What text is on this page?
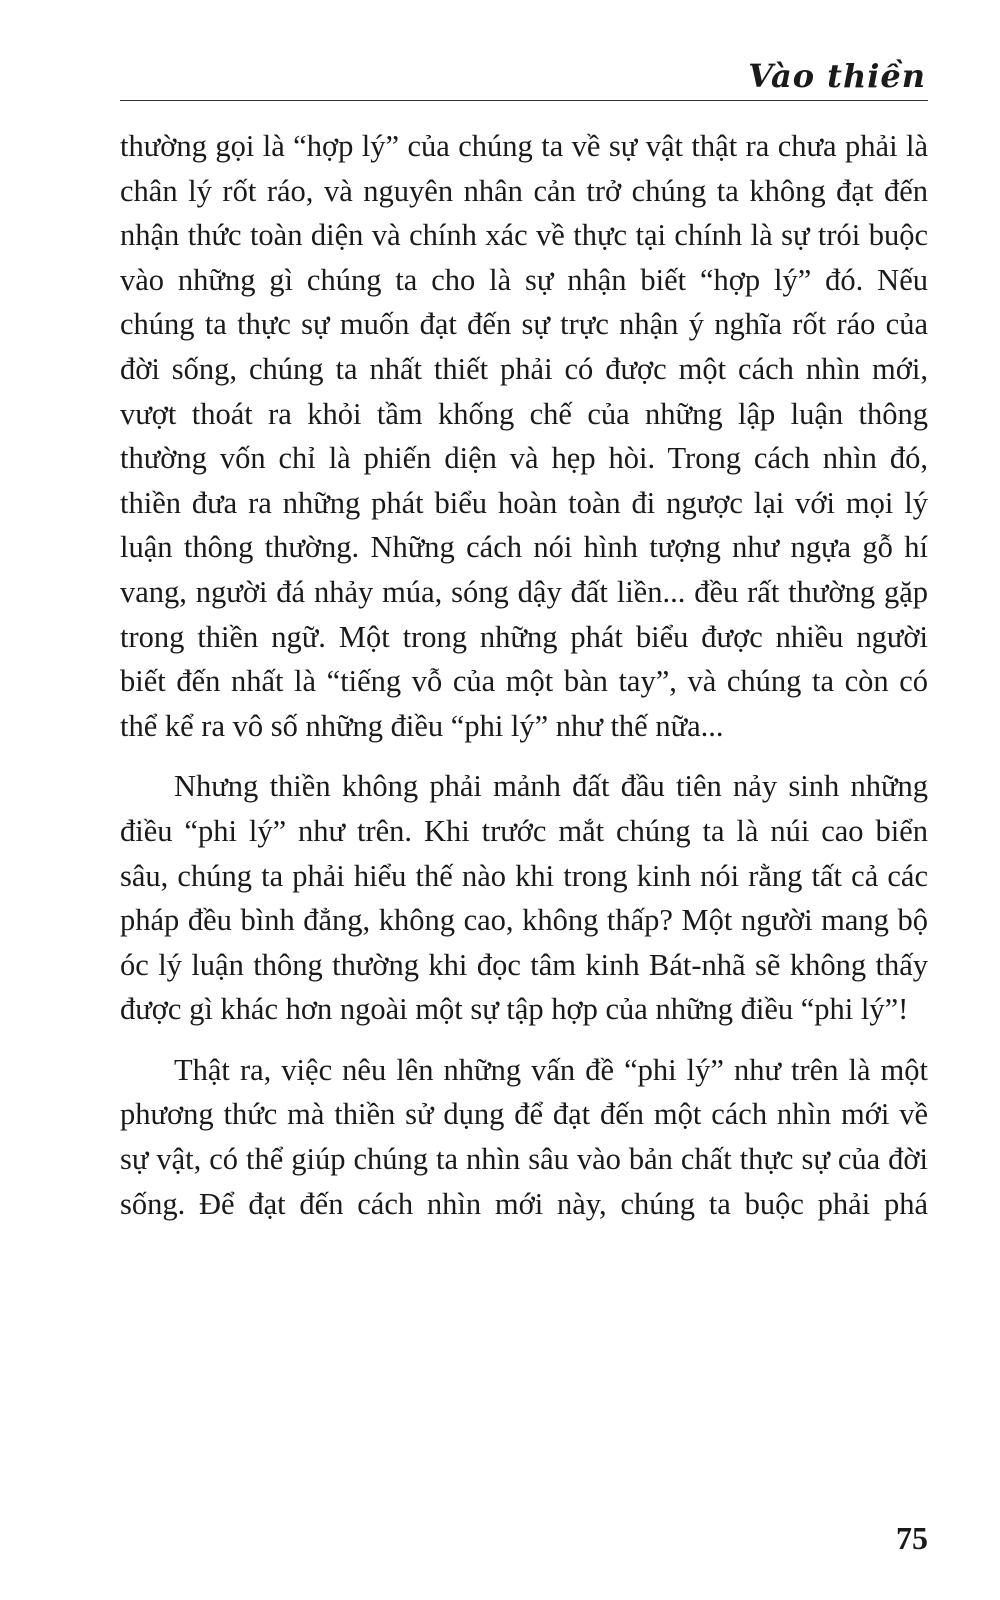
Vào thiền

thường gọi là “hợp lý” của chúng ta về sự vật thật ra chưa phải là chân lý rốt ráo, và nguyên nhân cản trở chúng ta không đạt đến nhận thức toàn diện và chính xác về thực tại chính là sự trói buộc vào những gì chúng ta cho là sự nhận biết “hợp lý” đó. Nếu chúng ta thực sự muốn đạt đến sự trực nhận ý nghĩa rốt ráo của đời sống, chúng ta nhất thiết phải có được một cách nhìn mới, vượt thoát ra khỏi tầm khống chế của những lập luận thông thường vốn chỉ là phiến diện và hẹp hòi. Trong cách nhìn đó, thiền đưa ra những phát biểu hoàn toàn đi ngược lại với mọi lý luận thông thường. Những cách nói hình tượng như ngựa gỗ hí vang, người đá nhảy múa, sóng dậy đất liền... đều rất thường gặp trong thiền ngữ. Một trong những phát biểu được nhiều người biết đến nhất là “tiếng vỗ của một bàn tay”, và chúng ta còn có thể kể ra vô số những điều “phi lý” như thế nữa...

Nhưng thiền không phải mảnh đất đầu tiên nảy sinh những điều “phi lý” như trên. Khi trước mắt chúng ta là núi cao biển sâu, chúng ta phải hiểu thế nào khi trong kinh nói rằng tất cả các pháp đều bình đẳng, không cao, không thấp? Một người mang bộ óc lý luận thông thường khi đọc tâm kinh Bát-nhã sẽ không thấy được gì khác hơn ngoài một sự tập hợp của những điều “phi lý”!

Thật ra, việc nêu lên những vấn đề “phi lý” như trên là một phương thức mà thiền sử dụng để đạt đến một cách nhìn mới về sự vật, có thể giúp chúng ta nhìn sâu vào bản chất thực sự của đời sống. Để đạt đến cách nhìn mới này, chúng ta buộc phải phá

75
